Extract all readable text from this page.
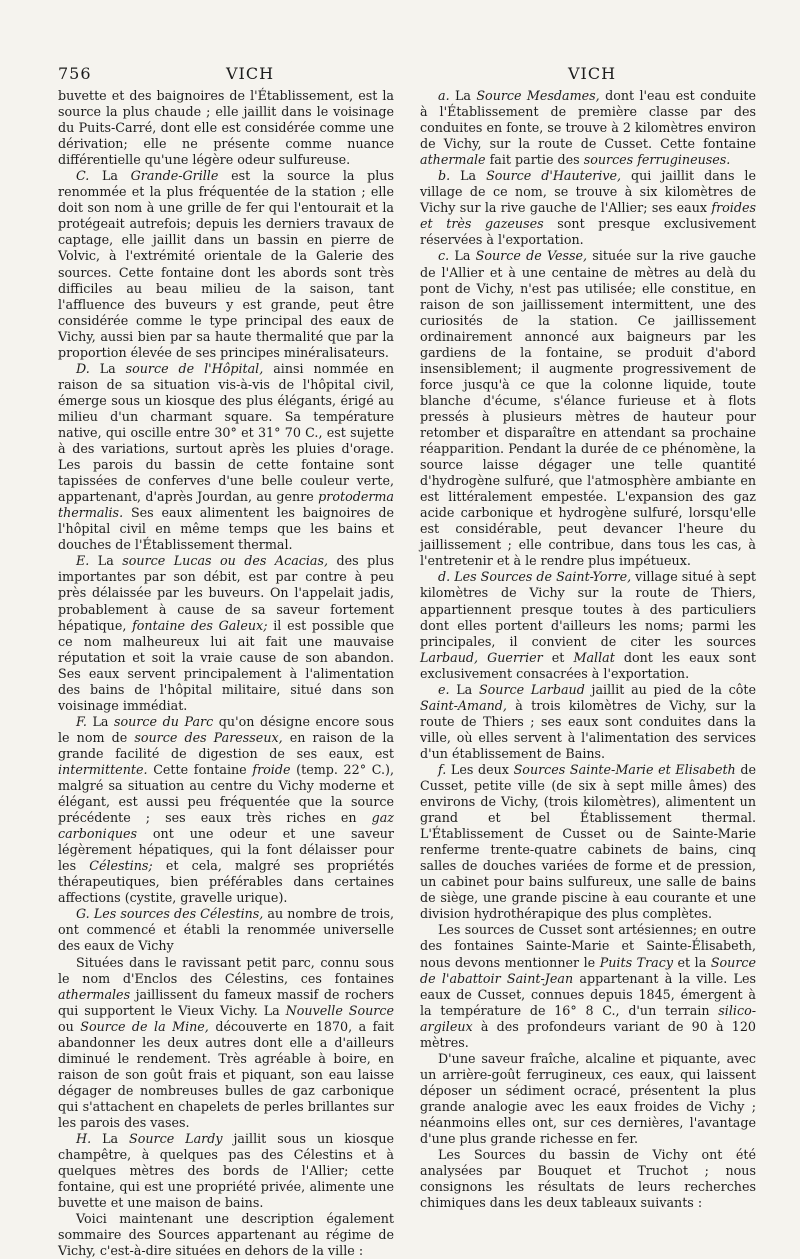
756	VICH	VICH

buvette et des baignoires de l'Établissement, est la source la plus chaude ; elle jaillit dans le voisinage du Puits-Carré, dont elle est considérée comme une dérivation; elle ne présente comme nuance différentielle qu'une légère odeur sulfureuse.

C. La Grande-Grille est la source la plus renommée et la plus fréquentée de la station ; elle doit son nom à une grille de fer qui l'entourait et la protégeait autrefois; depuis les derniers travaux de captage, elle jaillit dans un bassin en pierre de Volvic, à l'extrémité orientale de la Galerie des sources. Cette fontaine dont les abords sont très difficiles au beau milieu de la saison, tant l'affluence des buveurs y est grande, peut être considérée comme le type principal des eaux de Vichy, aussi bien par sa haute thermalité que par la proportion élevée de ses principes minéralisateurs.

D. La source de l'Hôpital, ainsi nommée en raison de sa situation vis-à-vis de l'hôpital civil, émerge sous un kiosque des plus élégants, érigé au milieu d'un charmant square. Sa température native, qui oscille entre 30° et 31° 70 C., est sujette à des variations, surtout après les pluies d'orage. Les parois du bassin de cette fontaine sont tapissées de conferves d'une belle couleur verte, appartenant, d'après Jourdan, au genre protoderma thermalis. Ses eaux alimentent les baignoires de l'hôpital civil en même temps que les bains et douches de l'Établissement thermal.

E. La source Lucas ou des Acacias, des plus importantes par son débit, est par contre à peu près délaissée par les buveurs. On l'appelait jadis, probablement à cause de sa saveur fortement hépatique, fontaine des Galeux; il est possible que ce nom malheureux lui ait fait une mauvaise réputation et soit la vraie cause de son abandon. Ses eaux servent principalement à l'alimentation des bains de l'hôpital militaire, situé dans son voisinage immédiat.

F. La source du Parc qu'on désigne encore sous le nom de source des Paresseux, en raison de la grande facilité de digestion de ses eaux, est intermittente. Cette fontaine froide (temp. 22° C.), malgré sa situation au centre du Vichy moderne et élégant, est aussi peu fréquentée que la source précédente ; ses eaux très riches en gaz carboniques ont une odeur et une saveur légèrement hépatiques, qui la font délaisser pour les Célestins; et cela, malgré ses propriétés thérapeutiques, bien préférables dans certaines affections (cystite, gravelle urique).

G. Les sources des Célestins, au nombre de trois, ont commencé et établi la renommée universelle des eaux de Vichy

Situées dans le ravissant petit parc, connu sous le nom d'Enclos des Célestins, ces fontaines athermales jaillissent du fameux massif de rochers qui supportent le Vieux Vichy. La Nouvelle Source ou Source de la Mine, découverte en 1870, a fait abandonner les deux autres dont elle a d'ailleurs diminué le rendement. Très agréable à boire, en raison de son goût frais et piquant, son eau laisse dégager de nombreuses bulles de gaz carbonique qui s'attachent en chapelets de perles brillantes sur les parois des vases.

H. La Source Lardy jaillit sous un kiosque champêtre, à quelques pas des Célestins et à quelques mètres des bords de l'Allier; cette fontaine, qui est une propriété privée, alimente une buvette et une maison de bains.

Voici maintenant une description également sommaire des Sources appartenant au régime de Vichy, c'est-à-dire situées en dehors de la ville :

a. La Source Mesdames, dont l'eau est conduite à l'Établissement de première classe par des conduites en fonte, se trouve à 2 kilomètres environ de Vichy, sur la route de Cusset. Cette fontaine athermale fait partie des sources ferrugineuses.

b. La Source d'Hauterive, qui jaillit dans le village de ce nom, se trouve à six kilomètres de Vichy sur la rive gauche de l'Allier; ses eaux froides et très gazeuses sont presque exclusivement réservées à l'exportation.

c. La Source de Vesse, située sur la rive gauche de l'Allier et à une centaine de mètres au delà du pont de Vichy, n'est pas utilisée; elle constitue, en raison de son jaillissement intermittent, une des curiosités de la station. Ce jaillissement ordinairement annoncé aux baigneurs par les gardiens de la fontaine, se produit d'abord insensiblement; il augmente progressivement de force jusqu'à ce que la colonne liquide, toute blanche d'écume, s'élance furieuse et à flots pressés à plusieurs mètres de hauteur pour retomber et disparaître en attendant sa prochaine réapparition. Pendant la durée de ce phénomène, la source laisse dégager une telle quantité d'hydrogène sulfuré, que l'atmosphère ambiante en est littéralement empestée. L'expansion des gaz acide carbonique et hydrogène sulfuré, lorsqu'elle est considérable, peut devancer l'heure du jaillissement ; elle contribue, dans tous les cas, à l'entretenir et à le rendre plus impétueux.

d. Les Sources de Saint-Yorre, village situé à sept kilomètres de Vichy sur la route de Thiers, appartiennent presque toutes à des particuliers dont elles portent d'ailleurs les noms; parmi les principales, il convient de citer les sources Larbaud, Guerrier et Mallat dont les eaux sont exclusivement consacrées à l'exportation.

e. La Source Larbaud jaillit au pied de la côte Saint-Amand, à trois kilomètres de Vichy, sur la route de Thiers ; ses eaux sont conduites dans la ville, où elles servent à l'alimentation des services d'un établissement de Bains.

f. Les deux Sources Sainte-Marie et Elisabeth de Cusset, petite ville (de six à sept mille âmes) des environs de Vichy, (trois kilomètres), alimentent un grand et bel Établissement thermal. L'Établissement de Cusset ou de Sainte-Marie renferme trente-quatre cabinets de bains, cinq salles de douches variées de forme et de pression, un cabinet pour bains sulfureux, une salle de bains de siège, une grande piscine à eau courante et une division hydrothérapique des plus complètes.

Les sources de Cusset sont artésiennes; en outre des fontaines Sainte-Marie et Sainte-Élisabeth, nous devons mentionner le Puits Tracy et la Source de l'abattoir Saint-Jean appartenant à la ville. Les eaux de Cusset, connues depuis 1845, émergent à la température de 16° 8 C., d'un terrain silico-argileux à des profondeurs variant de 90 à 120 mètres.

D'une saveur fraîche, alcaline et piquante, avec un arrière-goût ferrugineux, ces eaux, qui laissent déposer un sédiment ocracé, présentent la plus grande analogie avec les eaux froides de Vichy ; néanmoins elles ont, sur ces dernières, l'avantage d'une plus grande richesse en fer.

Les Sources du bassin de Vichy ont été analysées par Bouquet et Truchot ; nous consignons les résultats de leurs recherches chimiques dans les deux tableaux suivants :
